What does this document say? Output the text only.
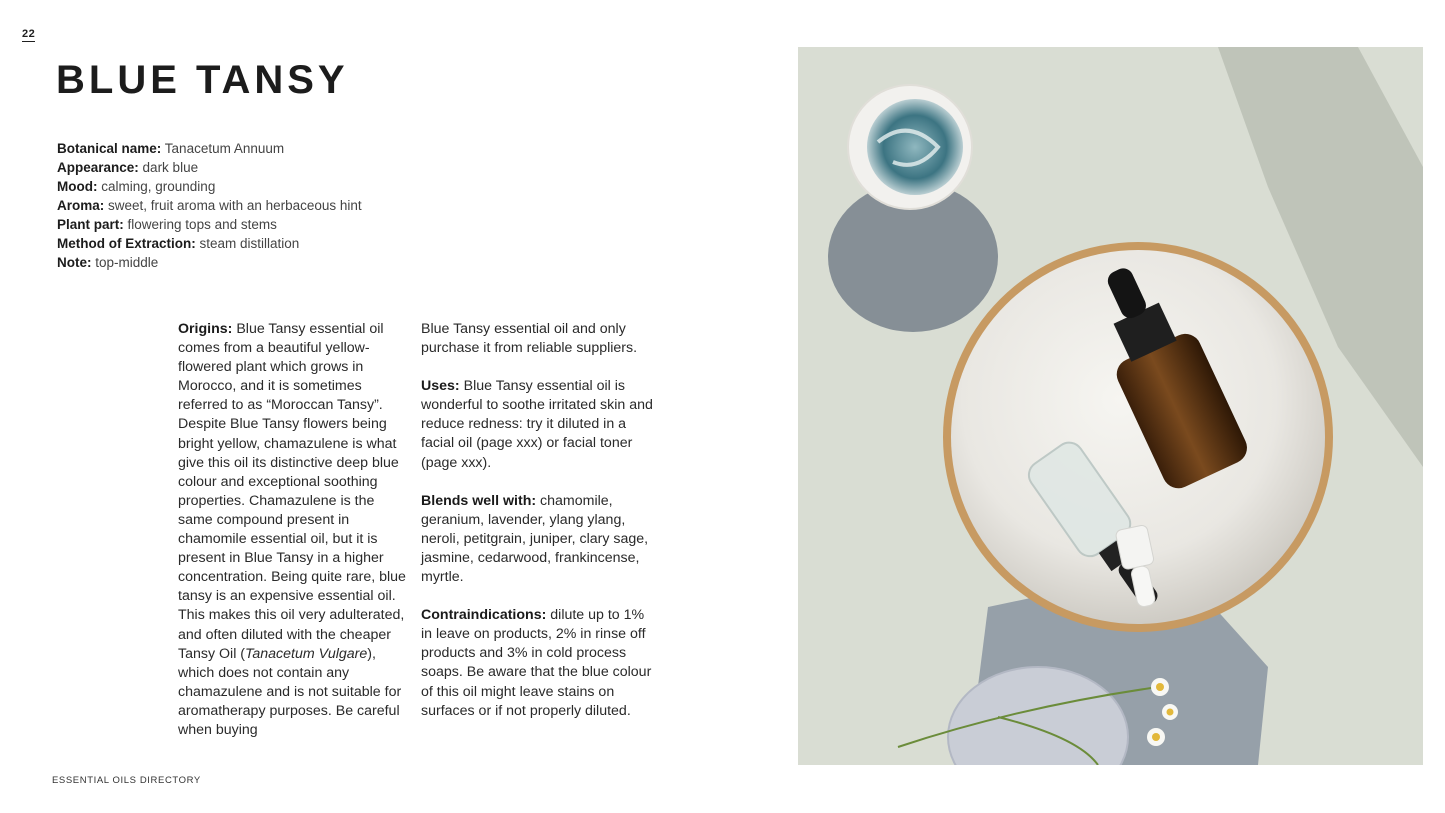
22
BLUE TANSY
Botanical name: Tanacetum Annuum
Appearance: dark blue
Mood: calming, grounding
Aroma: sweet, fruit aroma with an herbaceous hint
Plant part: flowering tops and stems
Method of Extraction: steam distillation
Note: top-middle

Origins: Blue Tansy essential oil comes from a beautiful yellow-flowered plant which grows in Morocco, and it is sometimes referred to as “Moroccan Tansy”. Despite Blue Tansy flowers being bright yellow, chamazulene is what give this oil its distinctive deep blue colour and exceptional soothing properties. Chamazulene is the same compound present in chamomile essential oil, but it is present in Blue Tansy in a higher concentration. Being quite rare, blue tansy is an expensive essential oil. This makes this oil very adulterated, and often diluted with the cheaper Tansy Oil (Tanacetum Vulgare), which does not contain any chamazulene and is not suitable for aromatherapy purposes. Be careful when buying

Blue Tansy essential oil and only purchase it from reliable suppliers.

Uses: Blue Tansy essential oil is wonderful to soothe irritated skin and reduce redness: try it diluted in a facial oil (page xxx) or facial toner (page xxx).

Blends well with: chamomile, geranium, lavender, ylang ylang, neroli, petitgrain, juniper, clary sage, jasmine, cedarwood, frankincense, myrtle.

Contraindications: dilute up to 1% in leave on products, 2% in rinse off products and 3% in cold process soaps. Be aware that the blue colour of this oil might leave stains on surfaces or if not properly diluted.

ESSENTIAL OILS DIRECTORY
